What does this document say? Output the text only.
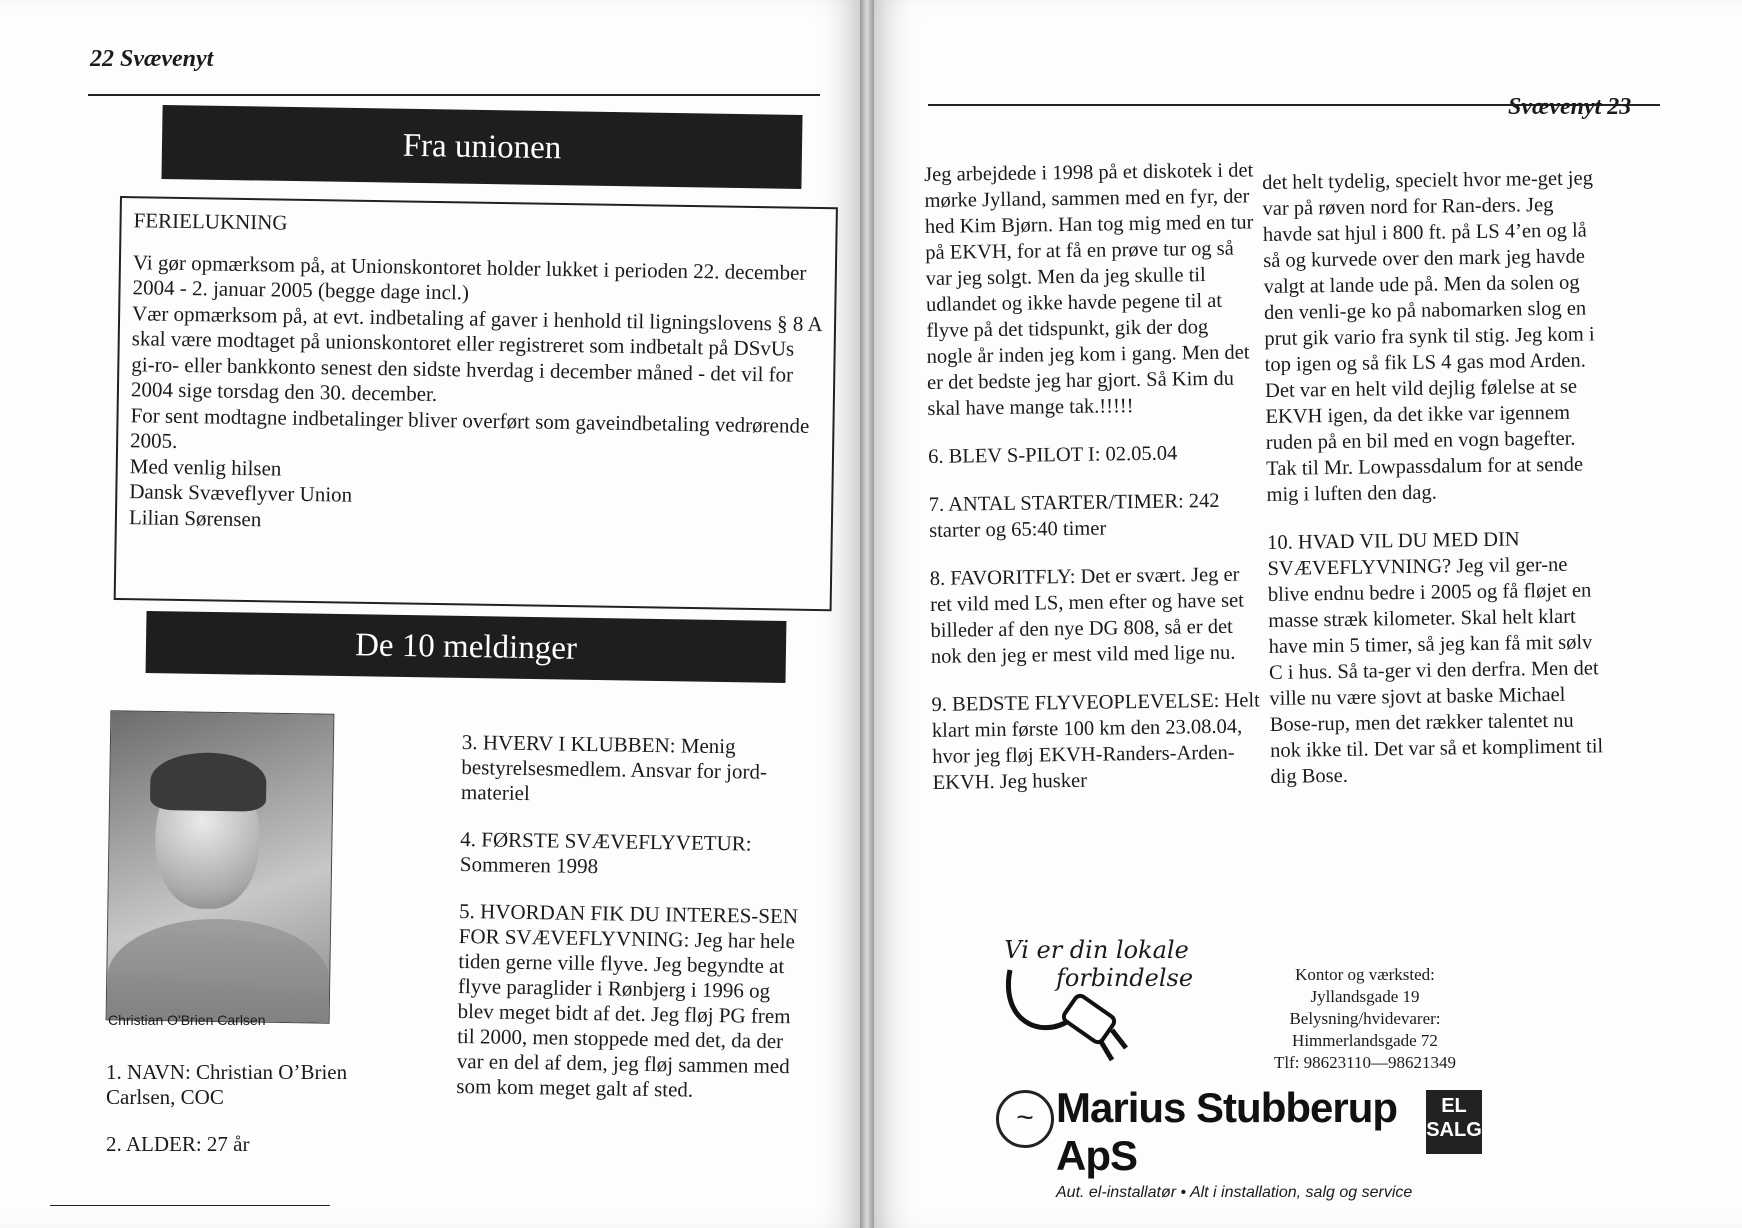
22 Svævenyt
Fra unionen

FERIELUKNING

Vi gør opmærksom på, at Unionskontoret holder lukket i perioden 22. december 2004 - 2. januar 2005 (begge dage incl.)

Vær opmærksom på, at evt. indbetaling af gaver i henhold til ligningslovens § 8 A skal være modtaget på unionskontoret eller registreret som indbetalt på DSvUs gi-ro- eller bankkonto senest den sidste hverdag i december måned - det vil for 2004 sige torsdag den 30. december.

For sent modtagne indbetalinger bliver overført som gaveindbetaling vedrørende 2005.

Med venlig hilsen

Dansk Svæveflyver Union

Lilian Sørensen

De 10 meldinger
Christian O'Brien Carlsen

1. NAVN: Christian O’Brien Carlsen, COC

2. ALDER: 27 år

3. HVERV I KLUBBEN: Menig bestyrelsesmedlem. Ansvar for jord-materiel

4. FØRSTE SVÆVEFLYVETUR: Sommeren 1998

5. HVORDAN FIK DU INTERES-SEN FOR SVÆVEFLYVNING: Jeg har hele tiden gerne ville flyve. Jeg begyndte at flyve paraglider i Rønbjerg i 1996 og blev meget bidt af det. Jeg fløj PG frem til 2000, men stoppede med det, da der var en del af dem, jeg fløj sammen med som kom meget galt af sted.

Svævenyt 23

Jeg arbejdede i 1998 på et diskotek i det mørke Jylland, sammen med en fyr, der hed Kim Bjørn. Han tog mig med en tur på EKVH, for at få en prøve tur og så var jeg solgt. Men da jeg skulle til udlandet og ikke havde pegene til at flyve på det tidspunkt, gik der dog nogle år inden jeg kom i gang. Men det er det bedste jeg har gjort. Så Kim du skal have mange tak.!!!!!

6. BLEV S-PILOT I: 02.05.04

7. ANTAL STARTER/TIMER: 242 starter og 65:40 timer

8. FAVORITFLY: Det er svært. Jeg er ret vild med LS, men efter og have set billeder af den nye DG 808, så er det nok den jeg er mest vild med lige nu.

9. BEDSTE FLYVEOPLEVELSE: Helt klart min første 100 km den 23.08.04, hvor jeg fløj EKVH-Randers-Arden-EKVH. Jeg husker

det helt tydelig, specielt hvor me-get jeg var på røven nord for Ran-ders. Jeg havde sat hjul i 800 ft. på LS 4’en og lå så og kurvede over den mark jeg havde valgt at lande ude på. Men da solen og den venli-ge ko på nabomarken slog en prut gik vario fra synk til stig. Jeg kom i top igen og så fik LS 4 gas mod Arden. Det var en helt vild dejlig følelse at se EKVH igen, da det ikke var igennem ruden på en bil med en vogn bagefter. Tak til Mr. Lowpassdalum for at sende mig i luften den dag.

10. HVAD VIL DU MED DIN SVÆVEFLYVNING? Jeg vil ger-ne blive endnu bedre i 2005 og få fløjet en masse stræk kilometer. Skal helt klart have min 5 timer, så jeg kan få mit sølv C i hus. Så ta-ger vi den derfra. Men det ville nu være sjovt at baske Michael Bose-rup, men det rækker talentet nu nok ikke til. Det var så et kompliment til dig Bose.

Vi er din lokale
forbindelse	Kontor og værksted:
Jyllandsgade 19
Belysning/hvidevarer:
Himmerlandsgade 72
Tlf: 98623110—98621349
~ Marius Stubberup ApS
Aut. el-installatør • Alt i installation, salg og service
EL
SALG
